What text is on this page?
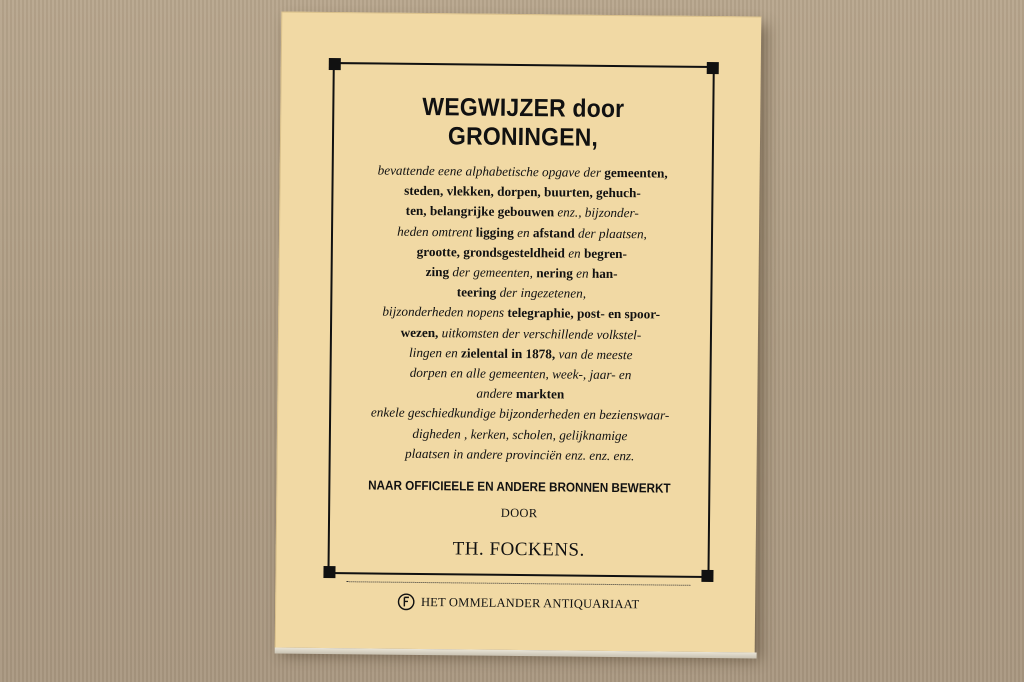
WEGWIJZER door GRONINGEN,
bevattende eene alphabetische opgave der gemeenten,
steden, vlekken, dorpen, buurten, gehuch-
ten, belangrijke gebouwen enz., bijzonder-
heden omtrent ligging en afstand der plaatsen,
grootte, grondsgesteldheid en begren-
zing der gemeenten, nering en han-
teering der ingezetenen,
bijzonderheden nopens telegraphie, post- en spoor-
wezen, uitkomsten der verschillende volkstel-
lingen en zielental in 1878, van de meeste
dorpen en alle gemeenten, week-, jaar- en
andere markten
enkele geschiedkundige bijzonderheden en bezienswaar-
digheden , kerken, scholen, gelijknamige
plaatsen in andere provinciën enz. enz. enz.
NAAR OFFICIEELE EN ANDERE BRONNEN BEWERKT
DOOR
TH. FOCKENS.
HET OMMELANDER ANTIQUARIAAT
